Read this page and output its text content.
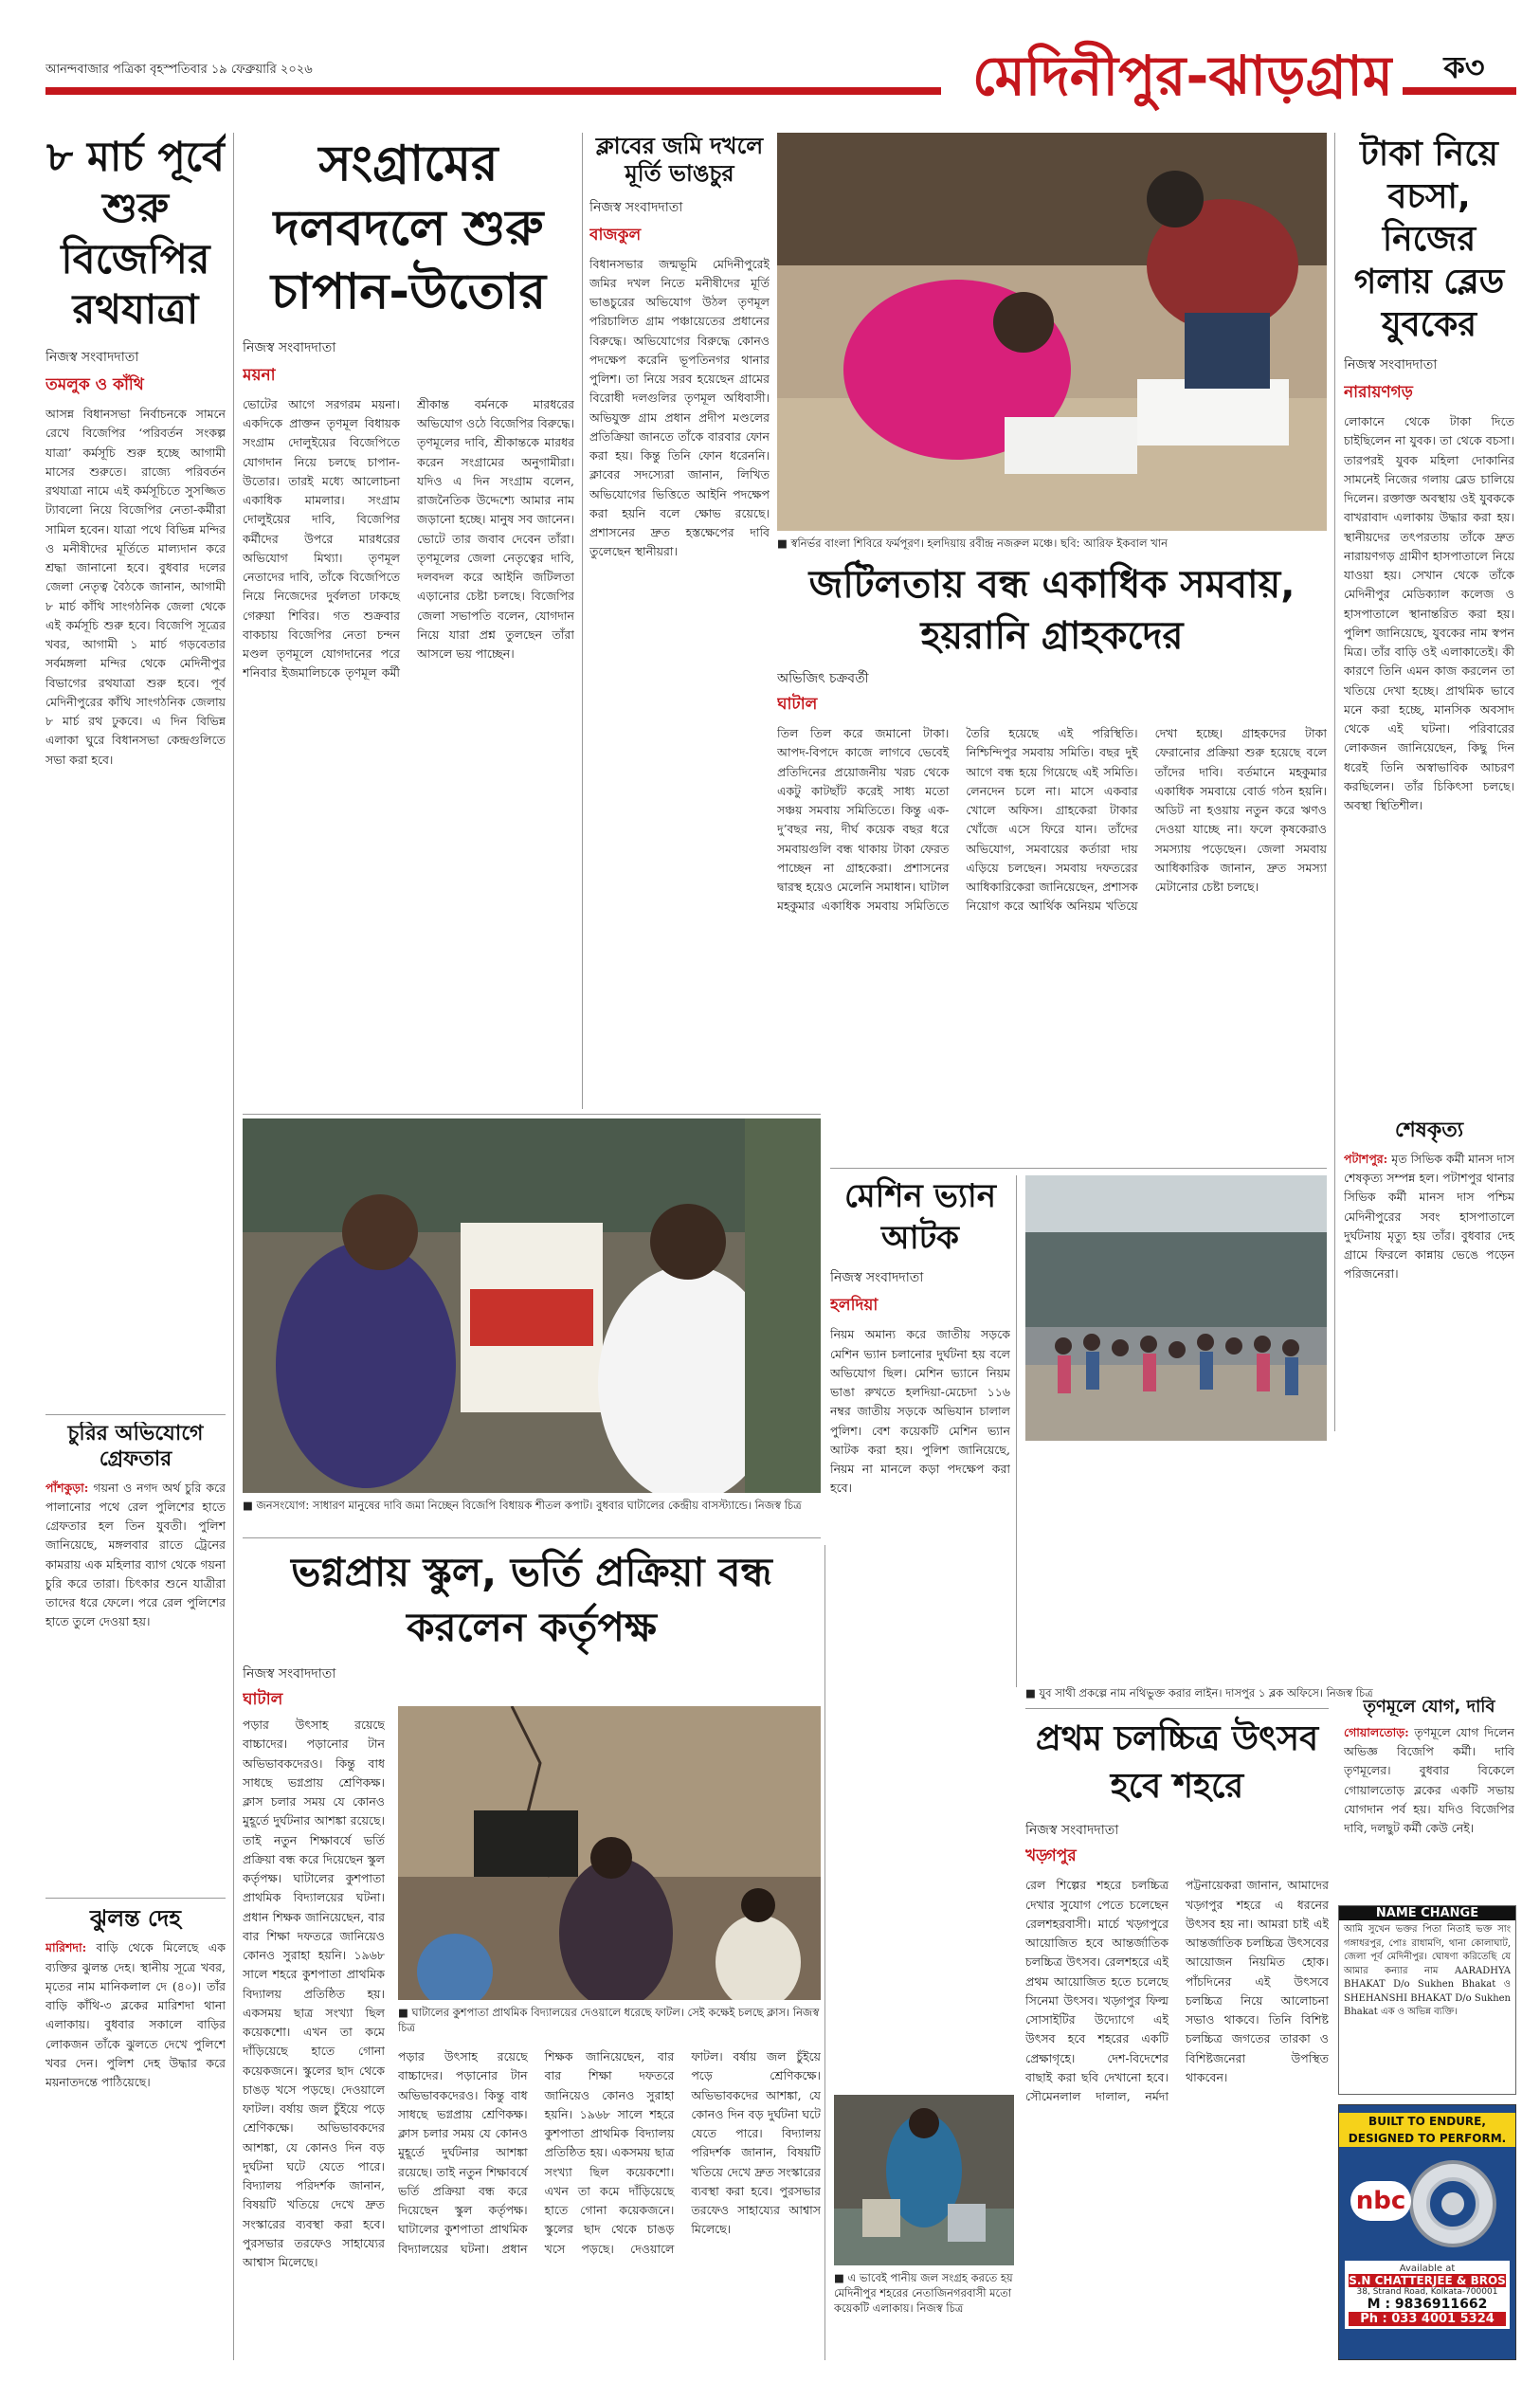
আনন্দবাজার পত্রিকা বৃহস্পতিবার ১৯ ফেব্রুয়ারি ২০২৬	মেদিনীপুর-ঝাড়গ্রাম	ক৩
৮ মার্চ পূর্বে শুরু বিজেপির রথযাত্রা
নিজস্ব সংবাদদাতা
তমলুক ও কাঁথি
আসন্ন বিধানসভা নির্বাচনকে সামনে রেখে বিজেপির ‘পরিবর্তন সংকল্প যাত্রা’ কর্মসূচি শুরু হচ্ছে আগামী মাসের শুরুতে। রাজ্যে পরিবর্তন রথযাত্রা নামে এই কর্মসূচিতে সুসজ্জিত ট্যাবলো নিয়ে বিজেপির নেতা-কর্মীরা সামিল হবেন। যাত্রা পথে বিভিন্ন মন্দির ও মনীষীদের মূর্তিতে মাল্যদান করে শ্রদ্ধা জানানো হবে। বুধবার দলের জেলা নেতৃত্ব বৈঠকে জানান, আগামী ৮ মার্চ কাঁথি সাংগঠনিক জেলা থেকে এই কর্মসূচি শুরু হবে। বিজেপি সূত্রের খবর, আগামী ১ মার্চ গড়বেতার সর্বমঙ্গলা মন্দির থেকে মেদিনীপুর বিভাগের রথযাত্রা শুরু হবে। পূর্ব মেদিনীপুরের কাঁথি সাংগঠনিক জেলায় ৮ মার্চ রথ ঢুকবে। এ দিন বিভিন্ন এলাকা ঘুরে বিধানসভা কেন্দ্রগুলিতে সভা করা হবে।
চুরির অভিযোগে গ্রেফতার
পাঁশকুড়া: গয়না ও নগদ অর্থ চুরি করে পালানোর পথে রেল পুলিশের হাতে গ্রেফতার হল তিন যুবতী। পুলিশ জানিয়েছে, মঙ্গলবার রাতে ট্রেনের কামরায় এক মহিলার ব্যাগ থেকে গয়না চুরি করে তারা। চিৎকার শুনে যাত্রীরা তাদের ধরে ফেলে। পরে রেল পুলিশের হাতে তুলে দেওয়া হয়।
ঝুলন্ত দেহ
মারিশদা: বাড়ি থেকে মিলেছে এক ব্যক্তির ঝুলন্ত দেহ। স্থানীয় সূত্রে খবর, মৃতের নাম মানিকলাল দে (৪০)। তাঁর বাড়ি কাঁথি-৩ ব্লকের মারিশদা থানা এলাকায়। বুধবার সকালে বাড়ির লোকজন তাঁকে ঝুলতে দেখে পুলিশে খবর দেন। পুলিশ দেহ উদ্ধার করে ময়নাতদন্তে পাঠিয়েছে।
সংগ্রামের দলবদলে শুরু চাপান-উতোর
নিজস্ব সংবাদদাতা
ময়না
ভোটের আগে সরগরম ময়না। একদিকে প্রাক্তন তৃণমূল বিধায়ক সংগ্রাম দোলুইয়ের বিজেপিতে যোগদান নিয়ে চলছে চাপান-উতোর। তারই মধ্যে আলোচনা একাধিক মামলার। সংগ্রাম দোলুইয়ের দাবি, বিজেপির কর্মীদের উপরে মারধরের অভিযোগ মিথ্যা। তৃণমূল নেতাদের দাবি, তাঁকে বিজেপিতে নিয়ে নিজেদের দুর্বলতা ঢাকছে গেরুয়া শিবির। গত শুক্রবার বাকচায় বিজেপির নেতা চন্দন মণ্ডল তৃণমূলে যোগদানের পরে শনিবার ইজমালিচকে তৃণমূল কর্মী শ্রীকান্ত বর্মনকে মারধরের অভিযোগ ওঠে বিজেপির বিরুদ্ধে। তৃণমূলের দাবি, শ্রীকান্তকে মারধর করেন সংগ্রামের অনুগামীরা। যদিও এ দিন সংগ্রাম বলেন, রাজনৈতিক উদ্দেশ্যে আমার নাম জড়ানো হচ্ছে। মানুষ সব জানেন। ভোটে তার জবাব দেবেন তাঁরা। তৃণমূলের জেলা নেতৃত্বের দাবি, দলবদল করে আইনি জটিলতা এড়ানোর চেষ্টা চলছে। বিজেপির জেলা সভাপতি বলেন, যোগদান নিয়ে যারা প্রশ্ন তুলছেন তাঁরা আসলে ভয় পাচ্ছেন।
ক্লাবের জমি দখলে মূর্তি ভাঙচুর
নিজস্ব সংবাদদাতা
বাজকুল
বিধানসভার জন্মভূমি মেদিনীপুরেই জমির দখল নিতে মনীষীদের মূর্তি ভাঙচুরের অভিযোগ উঠল তৃণমূল পরিচালিত গ্রাম পঞ্চায়েতের প্রধানের বিরুদ্ধে। অভিযোগের বিরুদ্ধে কোনও পদক্ষেপ করেনি ভূপতিনগর থানার পুলিশ। তা নিয়ে সরব হয়েছেন গ্রামের বিরোধী দলগুলির তৃণমূল অধিবাসী। অভিযুক্ত গ্রাম প্রধান প্রদীপ মণ্ডলের প্রতিক্রিয়া জানতে তাঁকে বারবার ফোন করা হয়। কিন্তু তিনি ফোন ধরেননি। ক্লাবের সদস্যেরা জানান, লিখিত অভিযোগের ভিত্তিতে আইনি পদক্ষেপ করা হয়নি বলে ক্ষোভ রয়েছে। প্রশাসনের দ্রুত হস্তক্ষেপের দাবি তুলেছেন স্থানীয়রা।
■ স্বনির্ভর বাংলা শিবিরে ফর্মপূরণ। হলদিয়ায় রবীন্দ্র নজরুল মঞ্চে। ছবি: আরিফ ইকবাল খান
টাকা নিয়ে বচসা, নিজের গলায় ব্লেড যুবকের
নিজস্ব সংবাদদাতা
নারায়ণগড়
লোকানে থেকে টাকা দিতে চাইছিলেন না যুবক। তা থেকে বচসা। তারপরই যুবক মহিলা দোকানির সামনেই নিজের গলায় ব্লেড চালিয়ে দিলেন। রক্তাক্ত অবস্থায় ওই যুবককে বাখরাবাদ এলাকায় উদ্ধার করা হয়। স্থানীয়দের তৎপরতায় তাঁকে দ্রুত নারায়ণগড় গ্রামীণ হাসপাতালে নিয়ে যাওয়া হয়। সেখান থেকে তাঁকে মেদিনীপুর মেডিক্যাল কলেজ ও হাসপাতালে স্থানান্তরিত করা হয়। পুলিশ জানিয়েছে, যুবকের নাম স্বপন মিত্র। তাঁর বাড়ি ওই এলাকাতেই। কী কারণে তিনি এমন কাজ করলেন তা খতিয়ে দেখা হচ্ছে। প্রাথমিক ভাবে মনে করা হচ্ছে, মানসিক অবসাদ থেকে এই ঘটনা। পরিবারের লোকজন জানিয়েছেন, কিছু দিন ধরেই তিনি অস্বাভাবিক আচরণ করছিলেন। তাঁর চিকিৎসা চলছে। অবস্থা স্থিতিশীল।
শেষকৃত্য
পটাশপুর: মৃত সিভিক কর্মী মানস দাস শেষকৃত্য সম্পন্ন হল। পটাশপুর থানার সিভিক কর্মী মানস দাস পশ্চিম মেদিনীপুরের সবং হাসপাতালে দুর্ঘটনায় মৃত্যু হয় তাঁর। বুধবার দেহ গ্রামে ফিরলে কান্নায় ভেঙে পড়েন পরিজনেরা।
জটিলতায় বন্ধ একাধিক সমবায়, হয়রানি গ্রাহকদের
অভিজিৎ চক্রবর্তী
ঘাটাল
তিল তিল করে জমানো টাকা। আপদ-বিপদে কাজে লাগবে ভেবেই প্রতিদিনের প্রয়োজনীয় খরচ থেকে একটু কাটছাঁট করেই সাধ্য মতো সঞ্চয় সমবায় সমিতিতে। কিন্তু এক-দু’বছর নয়, দীর্ঘ কয়েক বছর ধরে সমবায়গুলি বন্ধ থাকায় টাকা ফেরত পাচ্ছেন না গ্রাহকেরা। প্রশাসনের দ্বারস্থ হয়েও মেলেনি সমাধান। ঘাটাল মহকুমার একাধিক সমবায় সমিতিতে তৈরি হয়েছে এই পরিস্থিতি। নিশ্চিন্দিপুর সমবায় সমিতি। বছর দুই আগে বন্ধ হয়ে গিয়েছে এই সমিতি। লেনদেন চলে না। মাসে একবার খোলে অফিস। গ্রাহকেরা টাকার খোঁজে এসে ফিরে যান। তাঁদের অভিযোগ, সমবায়ের কর্তারা দায় এড়িয়ে চলছেন। সমবায় দফতরের আধিকারিকেরা জানিয়েছেন, প্রশাসক নিয়োগ করে আর্থিক অনিয়ম খতিয়ে দেখা হচ্ছে। গ্রাহকদের টাকা ফেরানোর প্রক্রিয়া শুরু হয়েছে বলে তাঁদের দাবি। বর্তমানে মহকুমার একাধিক সমবায়ে বোর্ড গঠন হয়নি। অডিট না হওয়ায় নতুন করে ঋণও দেওয়া যাচ্ছে না। ফলে কৃষকেরাও সমস্যায় পড়েছেন। জেলা সমবায় আধিকারিক জানান, দ্রুত সমস্যা মেটানোর চেষ্টা চলছে।
■ জনসংযোগ: সাধারণ মানুষের দাবি জমা নিচ্ছেন বিজেপি বিধায়ক শীতল কপাট। বুধবার ঘাটালের কেন্দ্রীয় বাসস্ট্যান্ডে। নিজস্ব চিত্র
মেশিন ভ্যান আটক
নিজস্ব সংবাদদাতা
হলদিয়া
নিয়ম অমান্য করে জাতীয় সড়কে মেশিন ভ্যান চলানোর দুর্ঘটনা হয় বলে অভিযোগ ছিল। মেশিন ভ্যানে নিয়ম ভাঙা রুখতে হলদিয়া-মেচেদা ১১৬ নম্বর জাতীয় সড়কে অভিযান চালাল পুলিশ। বেশ কয়েকটি মেশিন ভ্যান আটক করা হয়। পুলিশ জানিয়েছে, নিয়ম না মানলে কড়া পদক্ষেপ করা হবে।
■ যুব সাথী প্রকল্পে নাম নথিভুক্ত করার লাইন। দাসপুর ১ ব্লক অফিসে। নিজস্ব চিত্র
তৃণমূলে যোগ, দাবি
গোয়ালতোড়: তৃণমূলে যোগ দিলেন অভিজ্ঞ বিজেপি কর্মী। দাবি তৃণমূলের। বুধবার বিকেলে গোয়ালতোড় ব্লকের একটি সভায় যোগদান পর্ব হয়। যদিও বিজেপির দাবি, দলছুট কর্মী কেউ নেই।
ভগ্নপ্রায় স্কুল, ভর্তি প্রক্রিয়া বন্ধ করলেন কর্তৃপক্ষ
নিজস্ব সংবাদদাতা
ঘাটাল
পড়ার উৎসাহ রয়েছে বাচ্চাদের। পড়ানোর টান অভিভাবকদেরও। কিন্তু বাধ সাধছে ভগ্নপ্রায় শ্রেণিকক্ষ। ক্লাস চলার সময় যে কোনও মুহূর্তে দুর্ঘটনার আশঙ্কা রয়েছে। তাই নতুন শিক্ষাবর্ষে ভর্তি প্রক্রিয়া বন্ধ করে দিয়েছেন স্কুল কর্তৃপক্ষ। ঘাটালের কুশপাতা প্রাথমিক বিদ্যালয়ের ঘটনা। প্রধান শিক্ষক জানিয়েছেন, বার বার শিক্ষা দফতরে জানিয়েও কোনও সুরাহা হয়নি। ১৯৬৮ সালে শহরে কুশপাতা প্রাথমিক বিদ্যালয় প্রতিষ্ঠিত হয়। একসময় ছাত্র সংখ্যা ছিল কয়েকশো। এখন তা কমে দাঁড়িয়েছে হাতে গোনা কয়েকজনে। স্কুলের ছাদ থেকে চাঙড় খসে পড়ছে। দেওয়ালে ফাটল। বর্ষায় জল চুঁইয়ে পড়ে শ্রেণিকক্ষে। অভিভাবকদের আশঙ্কা, যে কোনও দিন বড় দুর্ঘটনা ঘটে যেতে পারে। বিদ্যালয় পরিদর্শক জানান, বিষয়টি খতিয়ে দেখে দ্রুত সংস্কারের ব্যবস্থা করা হবে। পুরসভার তরফেও সাহায্যের আশ্বাস মিলেছে।
■ ঘাটালের কুশপাতা প্রাথমিক বিদ্যালয়ের দেওয়ালে ধরেছে ফাটল। সেই কক্ষেই চলছে ক্লাস। নিজস্ব চিত্র
পড়ার উৎসাহ রয়েছে বাচ্চাদের। পড়ানোর টান অভিভাবকদেরও। কিন্তু বাধ সাধছে ভগ্নপ্রায় শ্রেণিকক্ষ। ক্লাস চলার সময় যে কোনও মুহূর্তে দুর্ঘটনার আশঙ্কা রয়েছে। তাই নতুন শিক্ষাবর্ষে ভর্তি প্রক্রিয়া বন্ধ করে দিয়েছেন স্কুল কর্তৃপক্ষ। ঘাটালের কুশপাতা প্রাথমিক বিদ্যালয়ের ঘটনা। প্রধান শিক্ষক জানিয়েছেন, বার বার শিক্ষা দফতরে জানিয়েও কোনও সুরাহা হয়নি। ১৯৬৮ সালে শহরে কুশপাতা প্রাথমিক বিদ্যালয় প্রতিষ্ঠিত হয়। একসময় ছাত্র সংখ্যা ছিল কয়েকশো। এখন তা কমে দাঁড়িয়েছে হাতে গোনা কয়েকজনে। স্কুলের ছাদ থেকে চাঙড় খসে পড়ছে। দেওয়ালে ফাটল। বর্ষায় জল চুঁইয়ে পড়ে শ্রেণিকক্ষে। অভিভাবকদের আশঙ্কা, যে কোনও দিন বড় দুর্ঘটনা ঘটে যেতে পারে। বিদ্যালয় পরিদর্শক জানান, বিষয়টি খতিয়ে দেখে দ্রুত সংস্কারের ব্যবস্থা করা হবে। পুরসভার তরফেও সাহায্যের আশ্বাস মিলেছে।
প্রথম চলচ্চিত্র উৎসব হবে শহরে
নিজস্ব সংবাদদাতা
খড়্গপুর
রেল শিল্পের শহরে চলচ্চিত্র দেখার সুযোগ পেতে চলেছেন রেলশহরবাসী। মার্চে খড়্গপুরে আয়োজিত হবে আন্তর্জাতিক চলচ্চিত্র উৎসব। রেলশহরে এই প্রথম আয়োজিত হতে চলেছে সিনেমা উৎসব। খড়্গপুর ফিল্ম সোসাইটির উদ্যোগে এই উৎসব হবে শহরের একটি প্রেক্ষাগৃহে। দেশ-বিদেশের বাছাই করা ছবি দেখানো হবে। সৌমেনলাল দালাল, নর্মদা পট্টনায়েকরা জানান, আমাদের খড়্গপুর শহরে এ ধরনের উৎসব হয় না। আমরা চাই এই আন্তর্জাতিক চলচ্চিত্র উৎসবের আয়োজন নিয়মিত হোক। পাঁচদিনের এই উৎসবে চলচ্চিত্র নিয়ে আলোচনা সভাও থাকবে। তিনি বিশিষ্ট চলচ্চিত্র জগতের তারকা ও বিশিষ্টজনেরা উপস্থিত থাকবেন।
■ এ ভাবেই পানীয় জল সংগ্রহ করতে হয় মেদিনীপুর শহরের নেতাজিনগরবাসী মতো কয়েকটি এলাকায়। নিজস্ব চিত্র
NAME CHANGE
আমি সুখেন ভক্তর পিতা নিতাই ভক্ত সাং গঙ্গাধরপুর, পোঃ রাধামণি, থানা কোলাঘাট, জেলা পূর্ব মেদিনীপুর। ঘোষণা করিতেছি যে আমার কন্যার নাম AARADHYA BHAKAT D/o Sukhen Bhakat ও SHEHANSHI BHAKAT D/o Sukhen Bhakat এক ও অভিন্ন ব্যক্তি।
BUILT TO ENDURE,
DESIGNED TO PERFORM.
nbc
Available at
S.N CHATTERJEE & BROS
38, Strand Road, Kolkata-700001
M : 9836911662
Ph : 033 4001 5324
